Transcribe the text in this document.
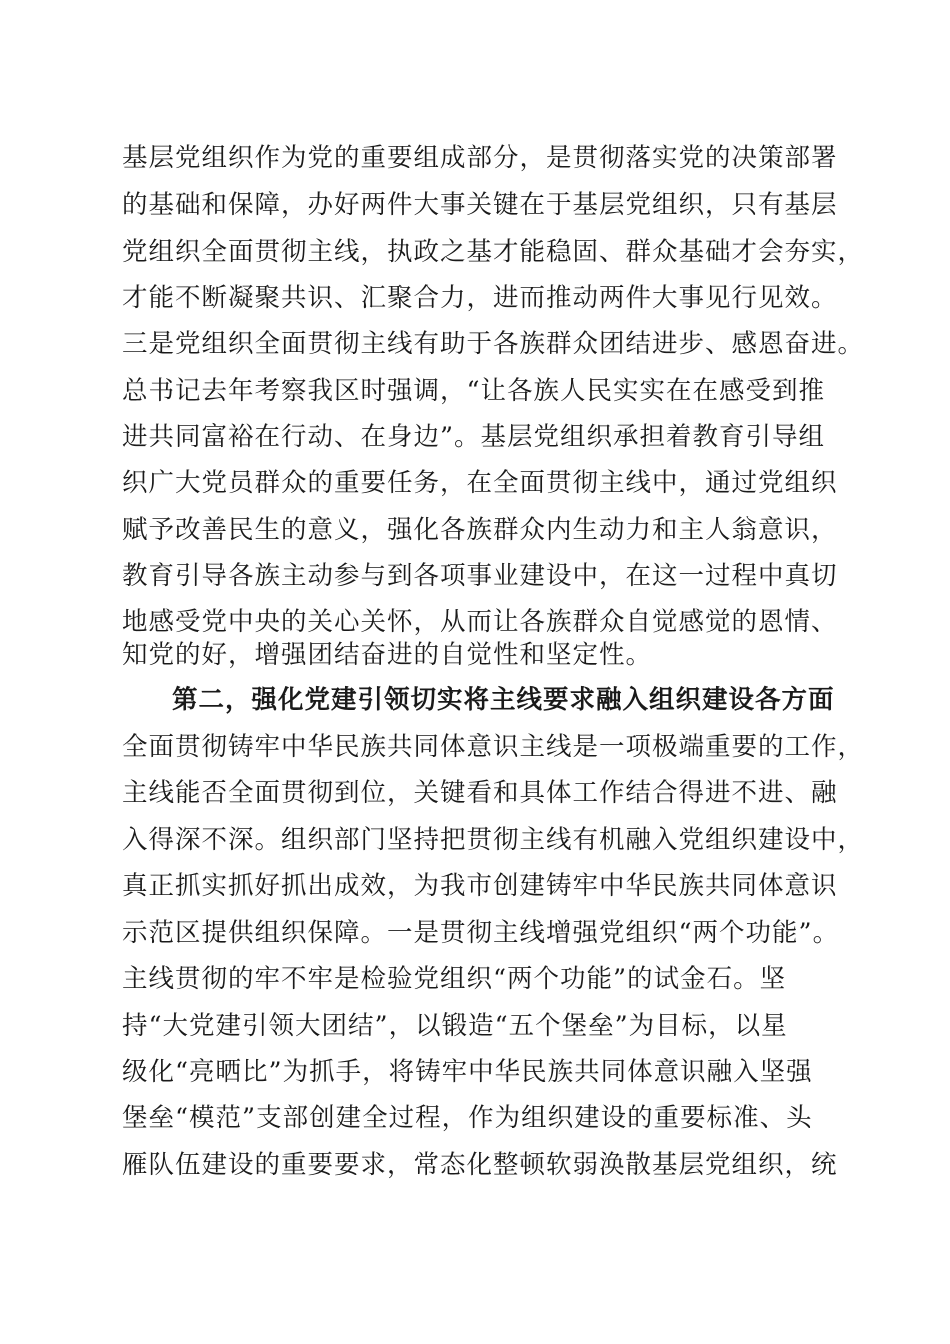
基层党组织作为党的重要组成部分，是贯彻落实党的决策部署
的基础和保障，办好两件大事关键在于基层党组织，只有基层
党组织全面贯彻主线，执政之基才能稳固、群众基础才会夯实，
才能不断凝聚共识、汇聚合力，进而推动两件大事见行见效。
三是党组织全面贯彻主线有助于各族群众团结进步、感恩奋进。
总书记去年考察我区时强调，“让各族人民实实在在感受到推
进共同富裕在行动、在身边”。基层党组织承担着教育引导组
织广大党员群众的重要任务，在全面贯彻主线中，通过党组织
赋予改善民生的意义，强化各族群众内生动力和主人翁意识，
教育引导各族主动参与到各项事业建设中，在这一过程中真切
地感受党中央的关心关怀，从而让各族群众自觉感觉的恩情、
知党的好，增强团结奋进的自觉性和坚定性。
第二，强化党建引领切实将主线要求融入组织建设各方面
全面贯彻铸牢中华民族共同体意识主线是一项极端重要的工作，
主线能否全面贯彻到位，关键看和具体工作结合得进不进、融
入得深不深。组织部门坚持把贯彻主线有机融入党组织建设中，
真正抓实抓好抓出成效，为我市创建铸牢中华民族共同体意识
示范区提供组织保障。一是贯彻主线增强党组织“两个功能”。
主线贯彻的牢不牢是检验党组织“两个功能”的试金石。坚
持“大党建引领大团结”，以锻造“五个堡垒”为目标，以星
级化“亮晒比”为抓手，将铸牢中华民族共同体意识融入坚强
堡垒“模范”支部创建全过程，作为组织建设的重要标准、头
雁队伍建设的重要要求，常态化整顿软弱涣散基层党组织，统
